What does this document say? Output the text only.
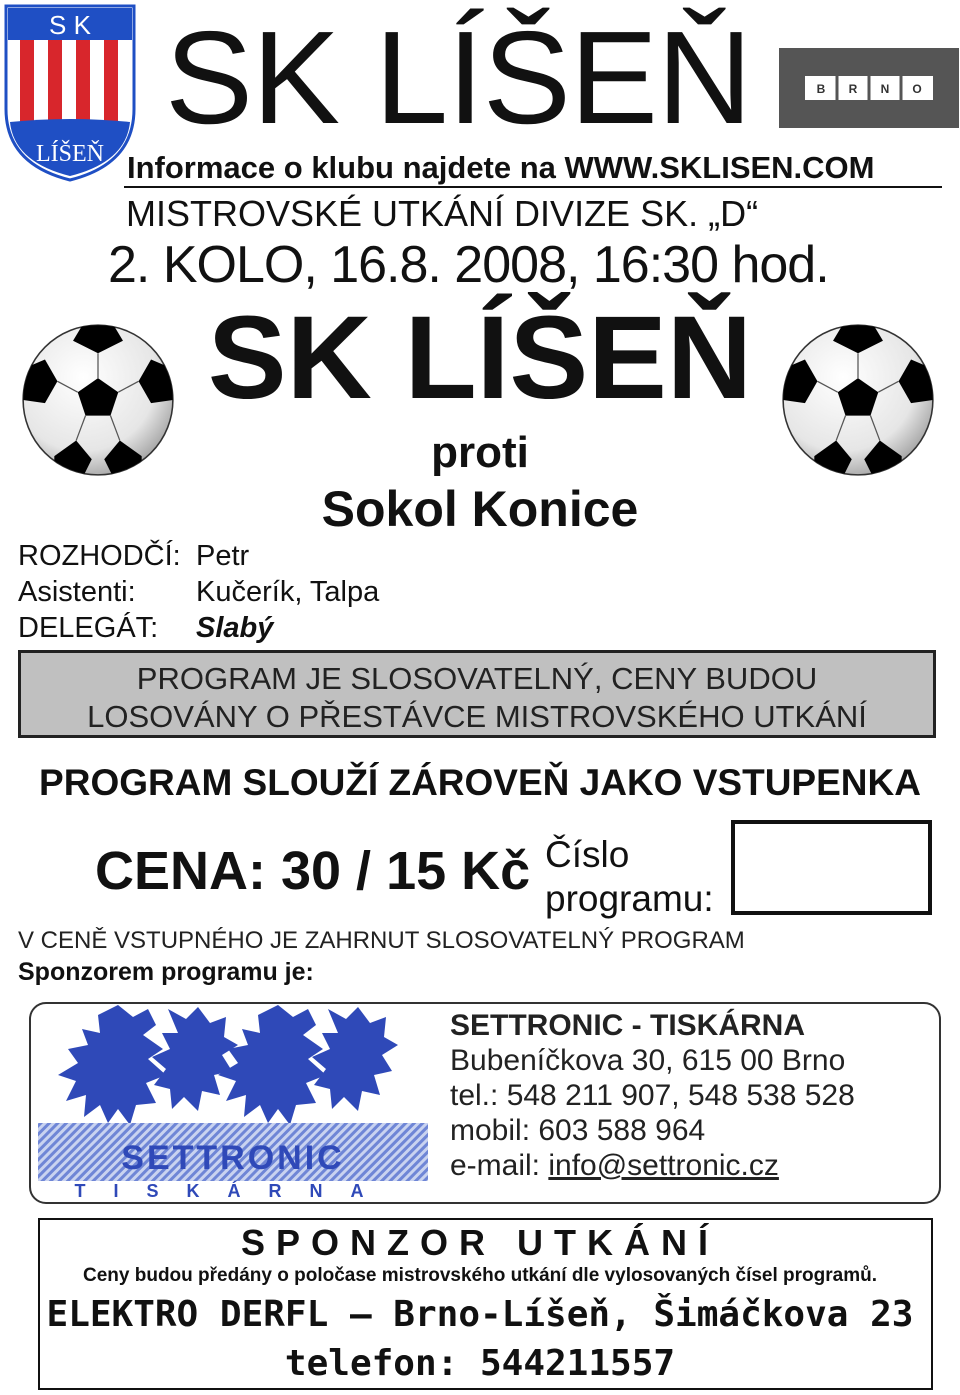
S K
LÍŠEŇ
SK LÍŠEŇ	B R N O
Informace o klubu najdete na WWW.SKLISEN.COM
MISTROVSKÉ UTKÁNÍ DIVIZE SK. „D“
2. KOLO, 16.8. 2008, 16:30 hod.
SK LÍŠEŇ
proti
Sokol Konice
ROZHODČÍ: Petr
Asistenti: Kučerík, Talpa
DELEGÁT: Slabý
PROGRAM JE SLOSOVATELNÝ, CENY BUDOU
LOSOVÁNY O PŘESTÁVCE MISTROVSKÉHO UTKÁNÍ
PROGRAM SLOUŽÍ ZÁROVEŇ JAKO VSTUPENKA
CENA: 30 / 15 Kč Číslo
programu:
V CENĚ VSTUPNÉHO JE ZAHRNUT SLOSOVATELNÝ PROGRAM
Sponzorem programu je:
SETTRONIC
TISKÁRNA
SETTRONIC - TISKÁRNA
Bubeníčkova 30, 615 00 Brno
tel.: 548 211 907, 548 538 528
mobil: 603 588 964
e-mail: info@settronic.cz
SPONZOR UTKÁNÍ
Ceny budou předány o poločase mistrovského utkání dle vylosovaných čísel programů.
ELEKTRO DERFL – Brno-Líšeň, Šimáčkova 23
telefon: 544211557
